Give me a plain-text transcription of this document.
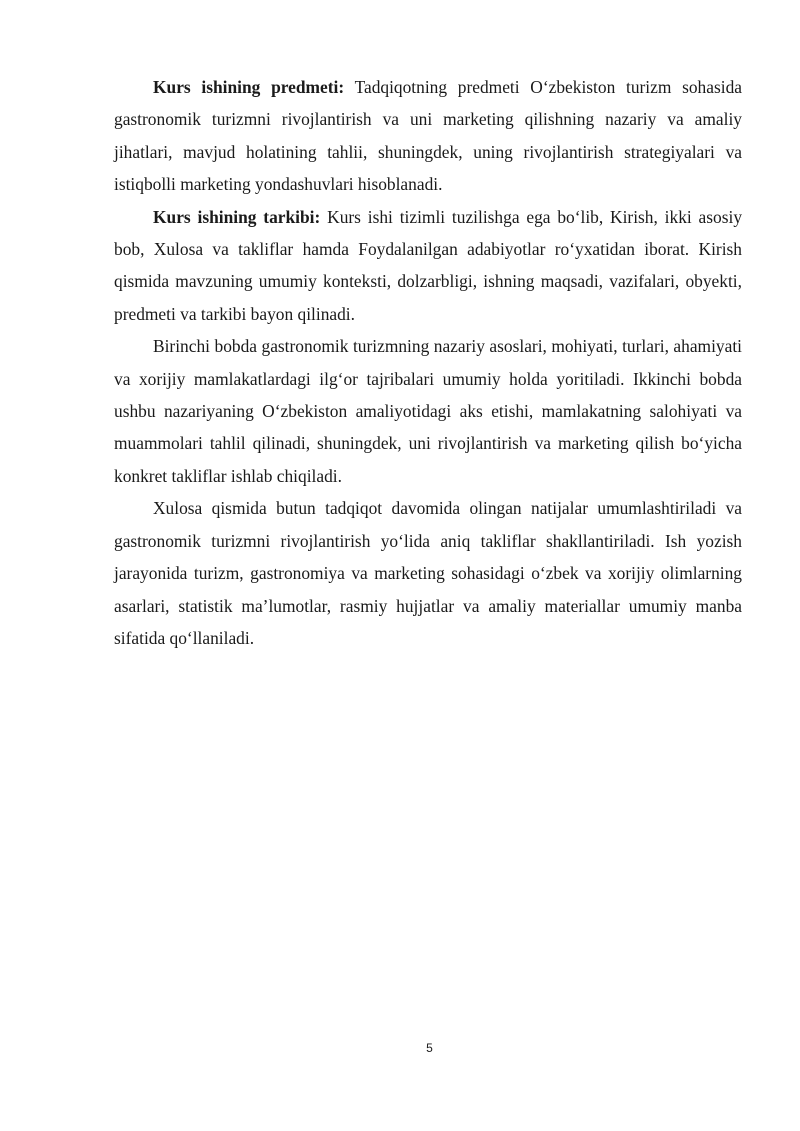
Kurs ishining predmeti: Tadqiqotning predmeti O‘zbekiston turizm sohasida gastronomik turizmni rivojlantirish va uni marketing qilishning nazariy va amaliy jihatlari, mavjud holatining tahlii, shuningdek, uning rivojlantirish strategiyalari va istiqbolli marketing yondashuvlari hisoblanadi.

Kurs ishining tarkibi: Kurs ishi tizimli tuzilishga ega bo‘lib, Kirish, ikki asosiy bob, Xulosa va takliflar hamda Foydalanilgan adabiyotlar ro‘yxatidan iborat. Kirish qismida mavzuning umumiy konteksti, dolzarbligi, ishning maqsadi, vazifalari, obyekti, predmeti va tarkibi bayon qilinadi.

Birinchi bobda gastronomik turizmning nazariy asoslari, mohiyati, turlari, ahamiyati va xorijiy mamlakatlardagi ilg‘or tajribalari umumiy holda yoritiladi. Ikkinchi bobda ushbu nazariyaning O‘zbekiston amaliyotidagi aks etishi, mamlakatning salohiyati va muammolari tahlil qilinadi, shuningdek, uni rivojlantirish va marketing qilish bo‘yicha konkret takliflar ishlab chiqiladi.

Xulosa qismida butun tadqiqot davomida olingan natijalar umumlashtiriladi va gastronomik turizmni rivojlantirish yo‘lida aniq takliflar shakllantiriladi. Ish yozish jarayonida turizm, gastronomiya va marketing sohasidagi o‘zbek va xorijiy olimlarning asarlari, statistik ma’lumotlar, rasmiy hujjatlar va amaliy materiallar umumiy manba sifatida qo‘llaniladi.

5
